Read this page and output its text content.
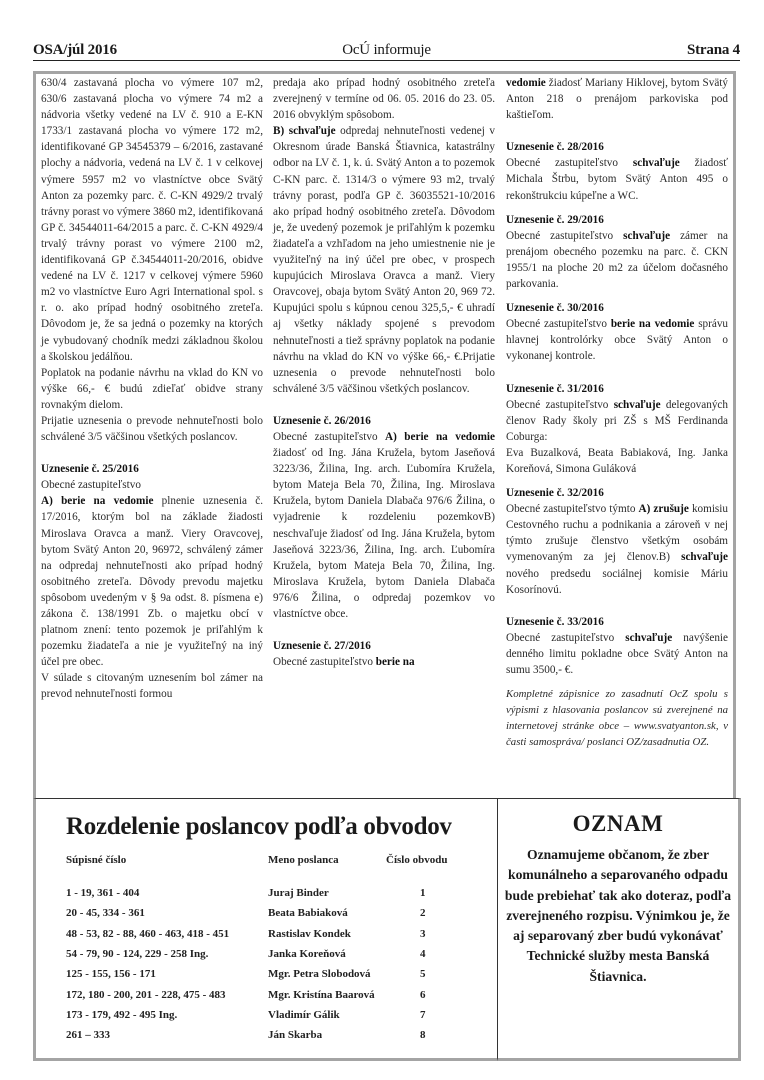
OSA/júl 2016	OcÚ informuje	Strana 4

630/4 zastavaná plocha vo výmere 107 m2, 630/6 zastavaná plocha vo výmere 74 m2 a nádvoria všetky vedené na LV č. 910 a E-KN 1733/1 zastavaná plocha vo výmere 172 m2, identifikované GP 34545379 – 6/2016, zastavané plochy a nádvoria, vedená na LV č. 1 v celkovej výmere 5957 m2 vo vlastníctve obce Svätý Anton za pozemky parc. č. C-KN 4929/2 trvalý trávny porast vo výmere 3860 m2, identifikovaná GP č. 34544011-64/2015 a parc. č. C-KN 4929/4 trvalý trávny porast vo výmere 2100 m2, identifikovaná GP č.34544011-20/2016, obidve vedené na LV č. 1217 v celkovej výmere 5960 m2 vo vlastníctve Euro Agri International spol. s r. o. ako prípad hodný osobitného zreteľa. Dôvodom je, že sa jedná o pozemky na ktorých je vybudovaný chodník medzi základnou školou a školskou jedálňou.

Poplatok na podanie návrhu na vklad do KN vo výške 66,- € budú zdieľať obidve strany rovnakým dielom.

Prijatie uznesenia o prevode nehnuteľnosti bolo schválené 3/5 väčšinou všetkých poslancov.

Uznesenie č. 25/2016

Obecné zastupiteľstvo

A) berie na vedomie plnenie uznesenia č. 17/2016, ktorým bol na základe žiadosti Miroslava Oravca a manž. Viery Oravcovej, bytom Svätý Anton 20, 96972, schválený zámer na odpredaj nehnuteľnosti ako prípad hodný osobitného zreteľa. Dôvody prevodu majetku spôsobom uvedeným v § 9a odst. 8. písmena e) zákona č. 138/1991 Zb. o majetku obcí v platnom znení: tento pozemok je priľahlým k pozemku žiadateľa a nie je využiteľný na iný účel pre obec.

V súlade s citovaným uznesením bol zámer na prevod nehnuteľnosti formou

predaja ako prípad hodný osobitného zreteľa zverejnený v termíne od 06. 05. 2016 do 23. 05. 2016 obvyklým spôsobom.

B) schvaľuje odpredaj nehnuteľnosti vedenej v Okresnom úrade Banská Štiavnica, katastrálny odbor na LV č. 1, k. ú. Svätý Anton a to pozemok C-KN parc. č. 1314/3 o výmere 93 m2, trvalý trávny porast, podľa GP č. 36035521-10/2016 ako prípad hodný osobitného zreteľa. Dôvodom je, že uvedený pozemok je priľahlým k pozemku žiadateľa a vzhľadom na jeho umiestnenie nie je využiteľný na iný účel pre obec, v prospech kupujúcich Miroslava Oravca a manž. Viery Oravcovej, obaja bytom Svätý Anton 20, 969 72. Kupujúci spolu s kúpnou cenou 325,5,- € uhradí aj všetky náklady spojené s prevodom nehnuteľnosti a tiež správny poplatok na podanie návrhu na vklad do KN vo výške 66,- €.Prijatie uznesenia o prevode nehnuteľnosti bolo schválené 3/5 väčšinou všetkých poslancov.

Uznesenie č. 26/2016

Obecné zastupiteľstvo A) berie na vedomie žiadosť od Ing. Jána Kružela, bytom Jaseňová 3223/36, Žilina, Ing. arch. Ľubomíra Kružela, bytom Mateja Bela 70, Žilina, Ing. Miroslava Kružela, bytom Daniela Dlabača 976/6 Žilina, o vyjadrenie k rozdeleniu pozemkovB) neschvaľuje žiadosť od Ing. Jána Kružela, bytom Jaseňová 3223/36, Žilina, Ing. arch. Ľubomíra Kružela, bytom Mateja Bela 70, Žilina, Ing. Miroslava Kružela, bytom Daniela Dlabača 976/6 Žilina, o odpredaj pozemkov vo vlastníctve obce.

Uznesenie č. 27/2016

Obecné zastupiteľstvo berie na

vedomie žiadosť Mariany Hiklovej, bytom Svätý Anton 218 o prenájom parkoviska pod kaštieľom.

Uznesenie č. 28/2016

Obecné zastupiteľstvo schvaľuje žiadosť Michala Štrbu, bytom Svätý Anton 495 o rekonštrukciu kúpeľne a WC.

Uznesenie č. 29/2016

Obecné zastupiteľstvo schvaľuje zámer na prenájom obecného pozemku na parc. č. CKN 1955/1 na ploche 20 m2 za účelom dočasného parkovania.

Uznesenie č. 30/2016

Obecné zastupiteľstvo berie na vedomie správu hlavnej kontrolórky obce Svätý Anton o vykonanej kontrole.

Uznesenie č. 31/2016

Obecné zastupiteľstvo schvaľuje delegovaných členov Rady školy pri ZŠ s MŠ Ferdinanda Coburga:

Eva Buzalková, Beata Babiaková, Ing. Janka Koreňová, Simona Guláková

Uznesenie č. 32/2016

Obecné zastupiteľstvo týmto A) zrušuje komisiu Cestovného ruchu a podnikania a zároveň v nej týmto zrušuje členstvo všetkým osobám vymenovaným za jej členov.B) schvaľuje nového predsedu sociálnej komisie Máriu Kosorínovú.

Uznesenie č. 33/2016

Obecné zastupiteľstvo schvaľuje navýšenie denného limitu pokladne obce Svätý Anton na sumu 3500,- €.

Kompletné zápisnice zo zasadnutí OcZ spolu s výpismi z hlasovania poslancov sú zverejnené na internetovej stránke obce – www.svatyanton.sk, v časti samospráva/ poslanci OZ/zasadnutia OZ.

Rozdelenie poslancov podľa obvodov
Súpisné číslo	Meno poslanca	Číslo obvodu

1 - 19, 361 - 404	Juraj Binder	1
20 - 45, 334 - 361	Beata Babiaková	2
48 - 53, 82 - 88, 460 - 463, 418 - 451	Rastislav Kondek	3
54 - 79, 90 - 124, 229 - 258 Ing.	Janka Koreňová	4
125 - 155, 156 - 171	Mgr. Petra Slobodová	5
172, 180 - 200, 201 - 228, 475 - 483	Mgr. Kristína Baarová	6
173 - 179, 492 - 495 Ing.	Vladimír Gálik	7
261 – 333	Ján Skarba	8
OZNAM
Oznamujeme občanom, že zber komunálneho a separovaného odpadu bude prebiehať tak ako doteraz, podľa zverejneného rozpisu. Výnimkou je, že aj separovaný zber budú vykonávať Technické služby mesta Banská Štiavnica.
